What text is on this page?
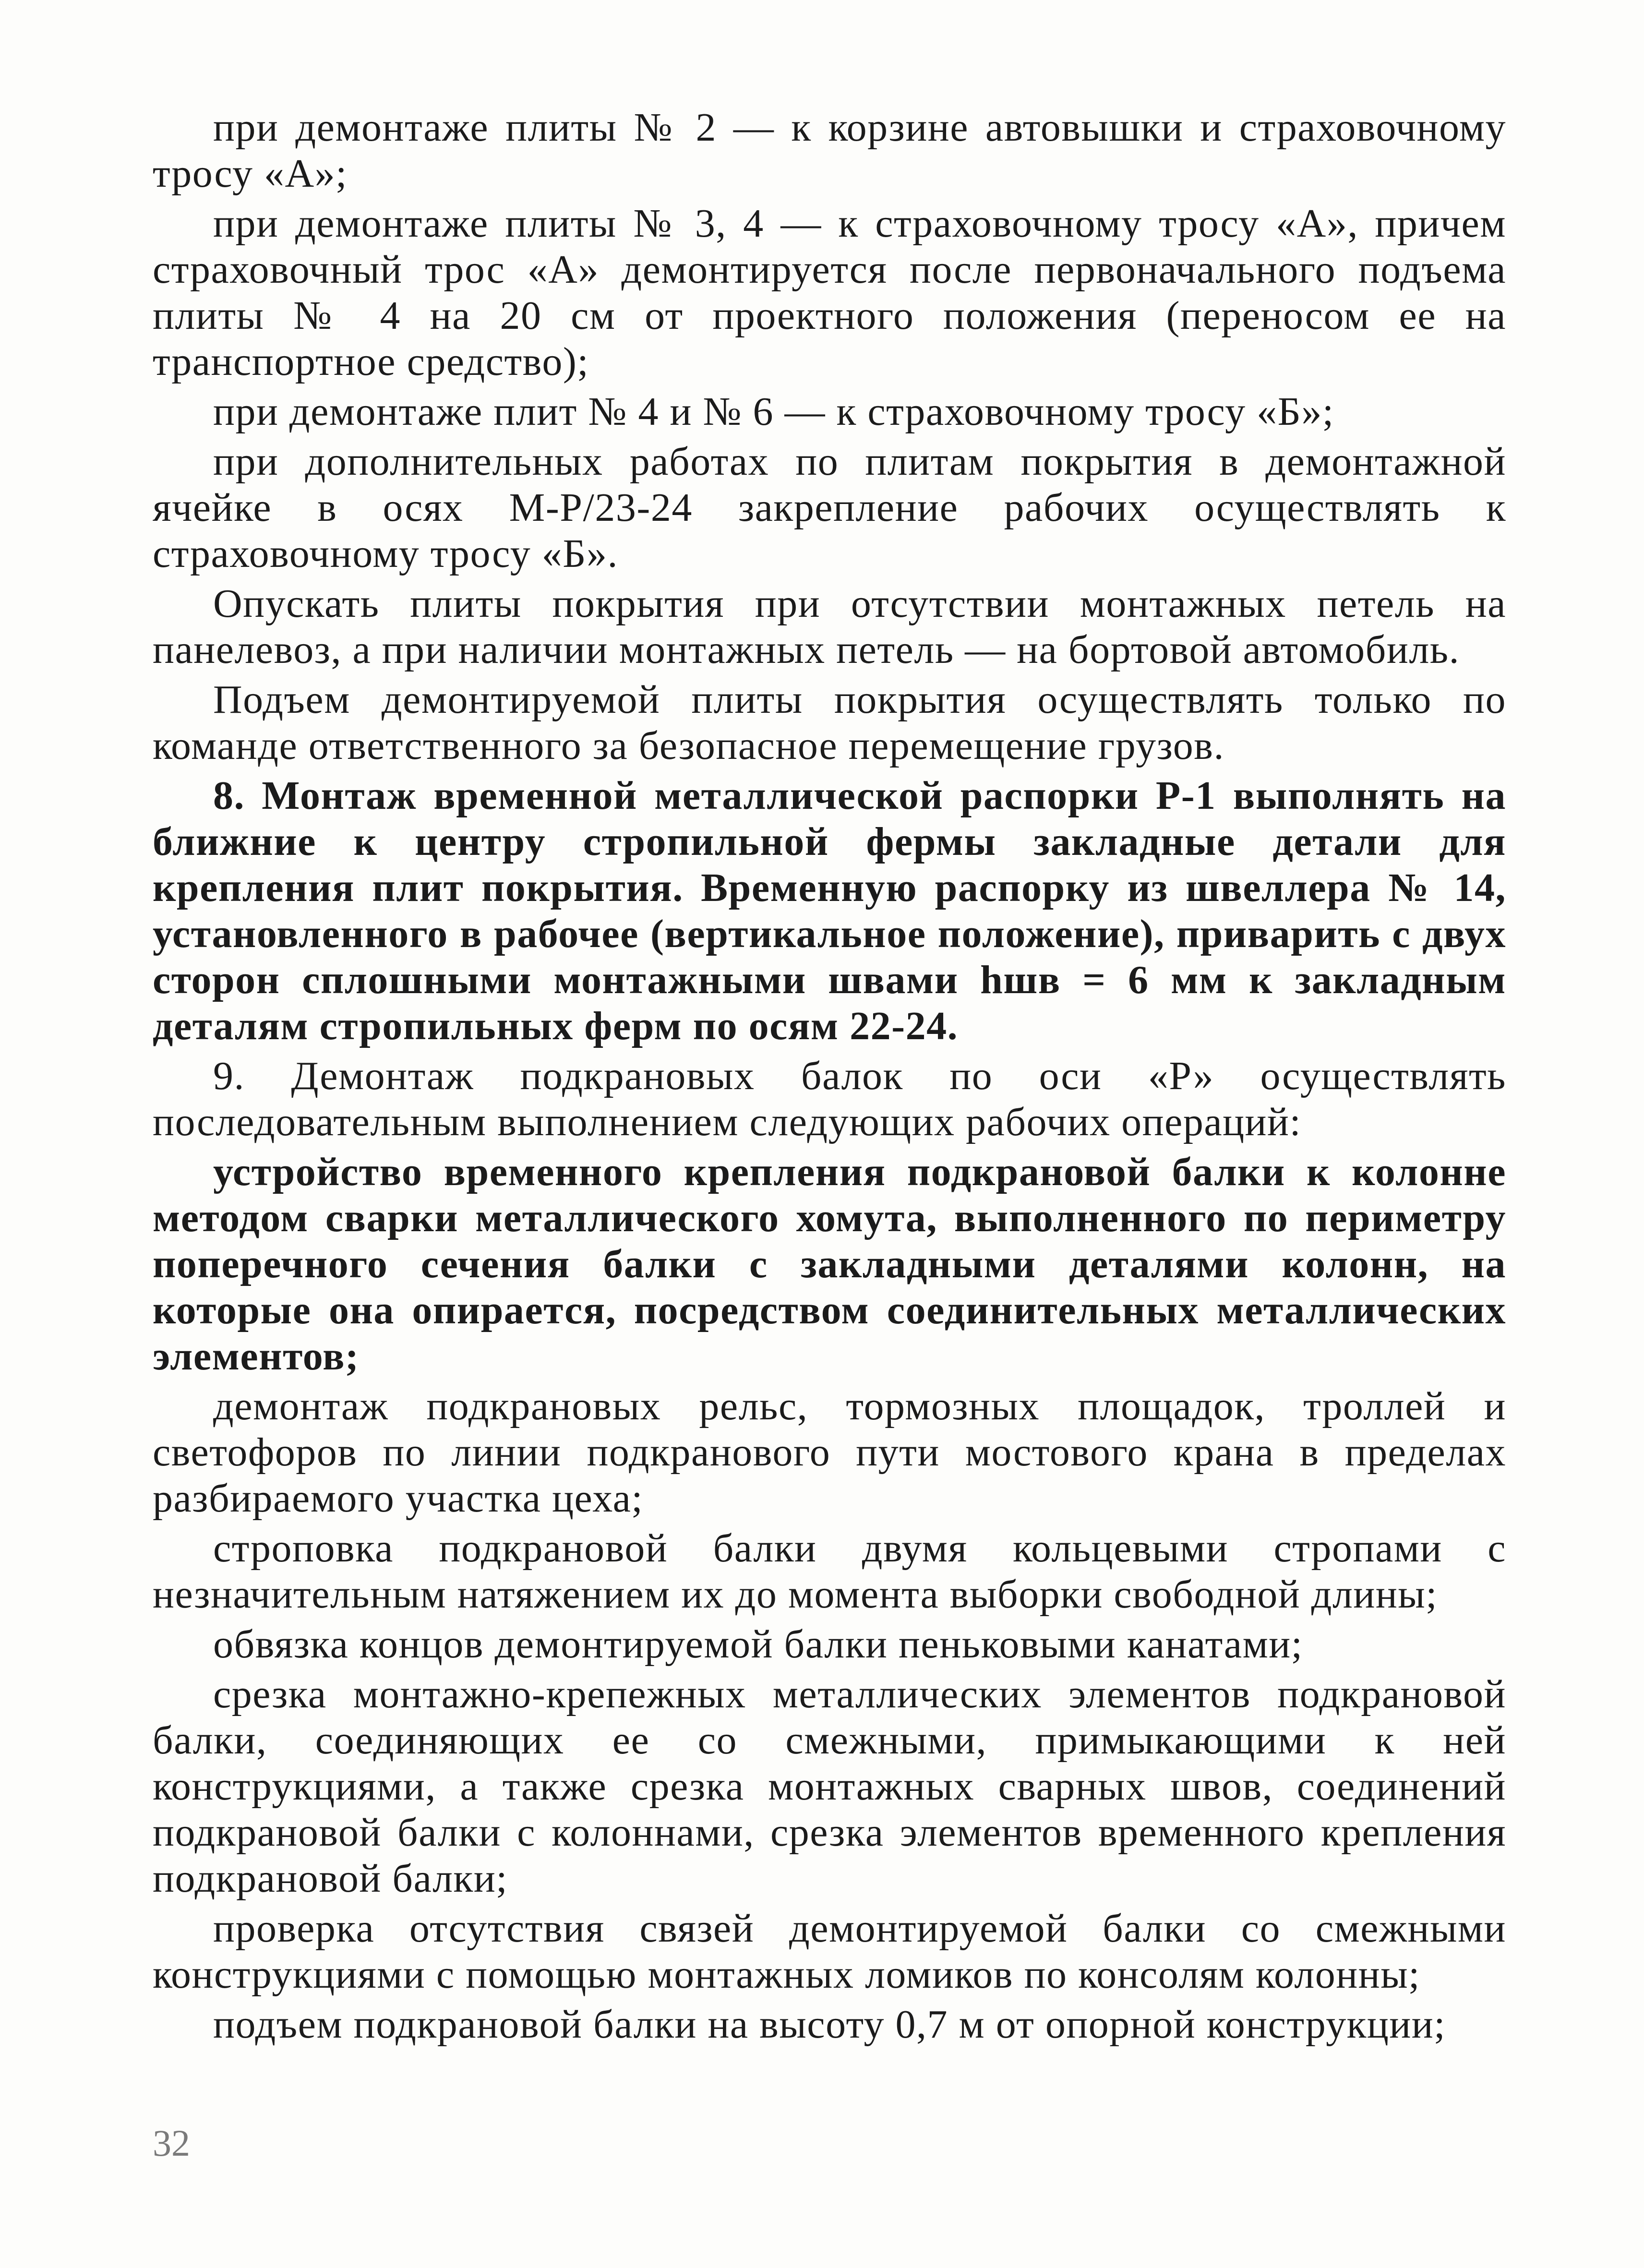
при демонтаже плиты № 2 — к корзине автовышки и страховочному тросу «А»;

при демонтаже плиты № 3, 4 — к страховочному тросу «А», причем страховочный трос «А» демонтируется после первоначального подъема плиты № 4 на 20 см от проектного положения (переносом ее на транспортное средство);

при демонтаже плит № 4 и № 6 — к страховочному тросу «Б»;

при дополнительных работах по плитам покрытия в демонтажной ячейке в осях М-Р/23-24 закрепление рабочих осуществлять к страховочному тросу «Б».

Опускать плиты покрытия при отсутствии монтажных петель на панелевоз, а при наличии монтажных петель — на бортовой автомобиль.

Подъем демонтируемой плиты покрытия осуществлять только по команде ответственного за безопасное перемещение грузов.

8. Монтаж временной металлической распорки Р-1 выполнять на ближние к центру стропильной фермы закладные детали для крепления плит покрытия. Временную распорку из швеллера № 14, установленного в рабочее (вертикальное положение), приварить с двух сторон сплошными монтажными швами hшв = 6 мм к закладным деталям стропильных ферм по осям 22-24.

9. Демонтаж подкрановых балок по оси «Р» осуществлять последовательным выполнением следующих рабочих операций:

устройство временного крепления подкрановой балки к колонне методом сварки металлического хомута, выполненного по периметру поперечного сечения балки с закладными деталями колонн, на которые она опирается, посредством соединительных металлических элементов;

демонтаж подкрановых рельс, тормозных площадок, троллей и светофоров по линии подкранового пути мостового крана в пределах разбираемого участка цеха;

строповка подкрановой балки двумя кольцевыми стропами с незначительным натяжением их до момента выборки свободной длины;

обвязка концов демонтируемой балки пеньковыми канатами;

срезка монтажно-крепежных металлических элементов подкрановой балки, соединяющих ее со смежными, примыкающими к ней конструкциями, а также срезка монтажных сварных швов, соединений подкрановой балки с колоннами, срезка элементов временного крепления подкрановой балки;

проверка отсутствия связей демонтируемой балки со смежными конструкциями с помощью монтажных ломиков по консолям колонны;

подъем подкрановой балки на высоту 0,7 м от опорной конструкции;

32
